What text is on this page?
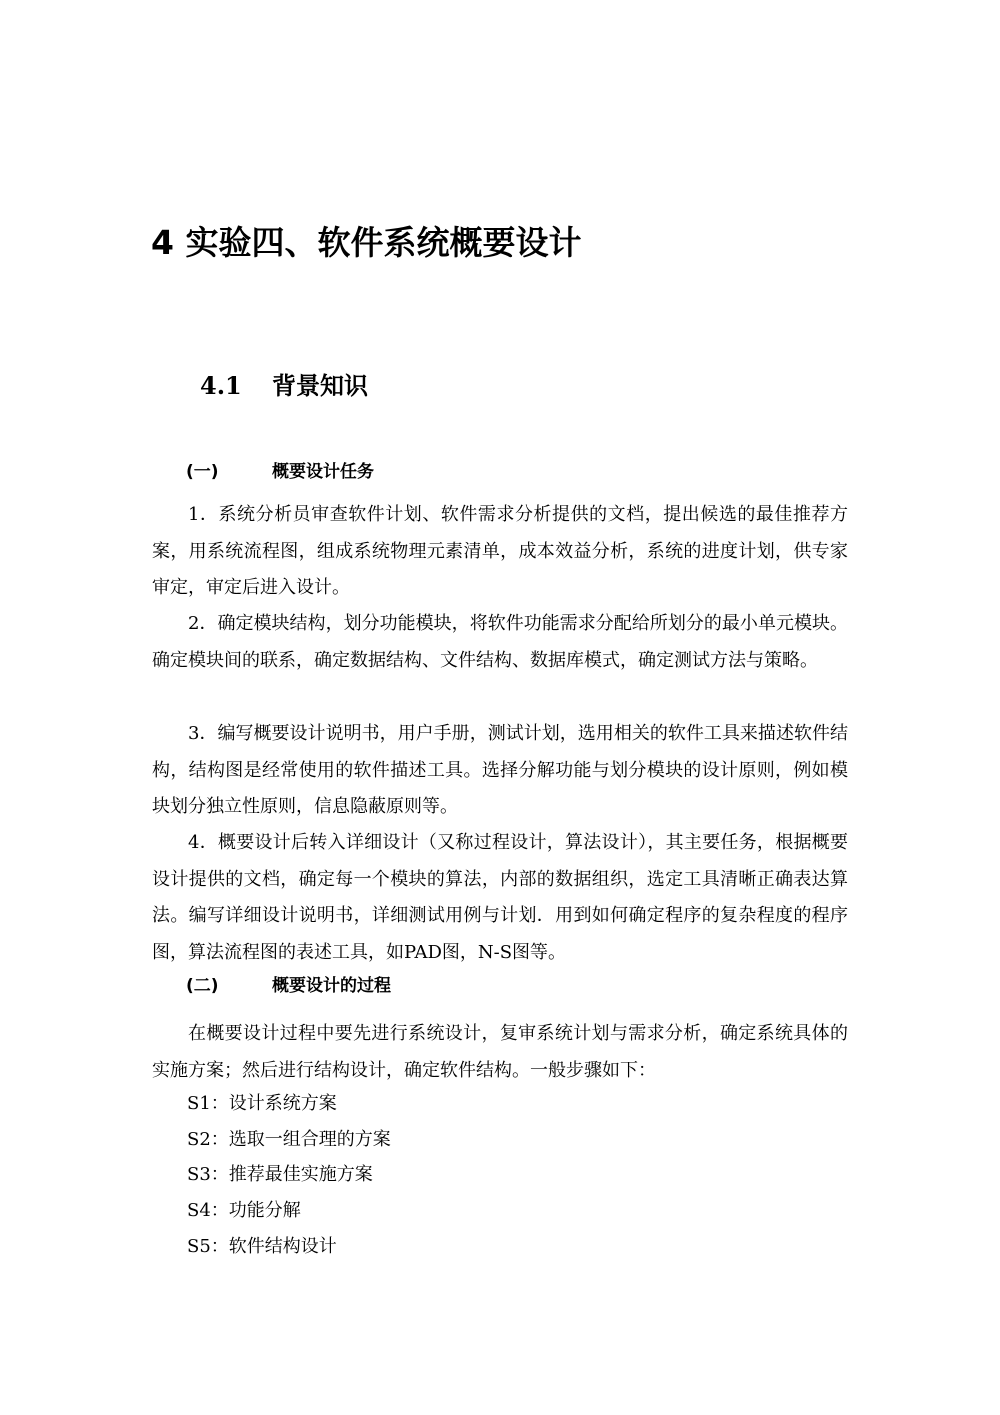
4 实验四、软件系统概要设计
4.1 背景知识
(一)	概要设计任务

1．系统分析员审查软件计划、软件需求分析提供的文档，提出候选的最佳推荐方案，用系统流程图，组成系统物理元素清单，成本效益分析，系统的进度计划，供专家审定，审定后进入设计。

2．确定模块结构，划分功能模块，将软件功能需求分配给所划分的最小单元模块。确定模块间的联系，确定数据结构、文件结构、数据库模式，确定测试方法与策略。

3．编写概要设计说明书，用户手册，测试计划，选用相关的软件工具来描述软件结构，结构图是经常使用的软件描述工具。选择分解功能与划分模块的设计原则，例如模块划分独立性原则，信息隐蔽原则等。

4．概要设计后转入详细设计（又称过程设计，算法设计），其主要任务，根据概要设计提供的文档，确定每一个模块的算法，内部的数据组织，选定工具清晰正确表达算法。编写详细设计说明书，详细测试用例与计划．用到如何确定程序的复杂程度的程序图，算法流程图的表述工具，如PAD图，N-S图等。

(二)	概要设计的过程

在概要设计过程中要先进行系统设计，复审系统计划与需求分析，确定系统具体的实施方案；然后进行结构设计，确定软件结构。一般步骤如下：

S1：设计系统方案
S2：选取一组合理的方案
S3：推荐最佳实施方案
S4：功能分解
S5：软件结构设计
